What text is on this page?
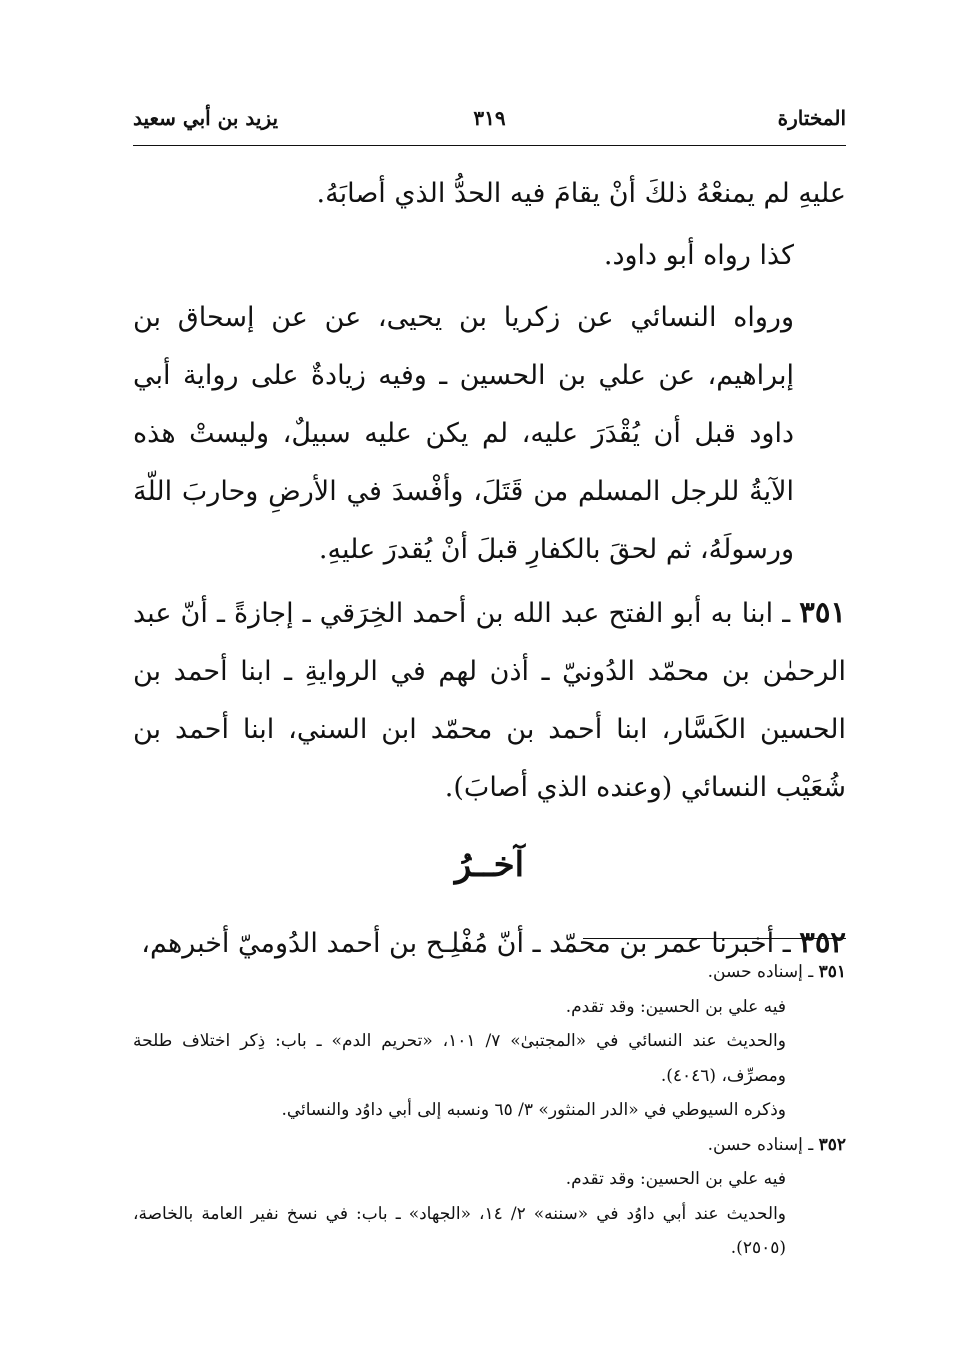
المختارة
٣١٩
يزيد بن أبي سعيد

عليهِ لم يمنعْهُ ذلكَ أنْ يقامَ فيه الحدُّ الذي أصابَهُ.

كذا رواه أبو داود.

ورواه النسائي عن زكريا بن يحيى، عن عن إسحاق بن إبراهيم، عن علي بن الحسين ـ وفيه زيادةٌ على رواية أبي داود قبل أن يُقْدَرَ عليه، لم يكن عليه سبيلٌ، وليستْ هذه الآيةُ للرجل المسلم من قَتَلَ، وأفْسدَ في الأرضِ وحاربَ اللّهَ ورسولَهُ، ثم لحقَ بالكفارِ قبلَ أنْ يُقدرَ عليهِ.

٣٥١ ـ ابنا به أبو الفتح عبد الله بن أحمد الخِرَقي ـ إجازةً ـ أنّ عبد الرحمٰن بن محمّد الدُونيّ ـ أذن لهم في الروايةِ ـ ابنا أحمد بن الحسين الكَسَّار، ابنا أحمد بن محمّد ابن السني، ابنا أحمد بن شُعَيْب النسائي (وعنده الذي أصابَ).

آخــرُ

٣٥٢ ـ أخبرنا عمر بن محمّد ـ أنّ مُفْلِـح بن أحمد الدُوميّ أخبرهم،

٣٥١ ـ إسناده حسن.

فيه علي بن الحسين: وقد تقدم.

والحديث عند النسائي في «المجتبىٰ» ٧/ ١٠١، «تحريم الدم» ـ باب: ذِكر اختلاف طلحة ومصرِّف، (٤٠٤٦).

وذكره السيوطي في «الدر المنثور» ٣/ ٦٥ ونسبه إلى أبي داوُد والنسائي.

٣٥٢ ـ إسناده حسن.

فيه علي بن الحسين: وقد تقدم.

والحديث عند أبي داوُد في «سننه» ٢/ ١٤، «الجهاد» ـ باب: في نسخ نفير العامة بالخاصة، (٢٥٠٥).
